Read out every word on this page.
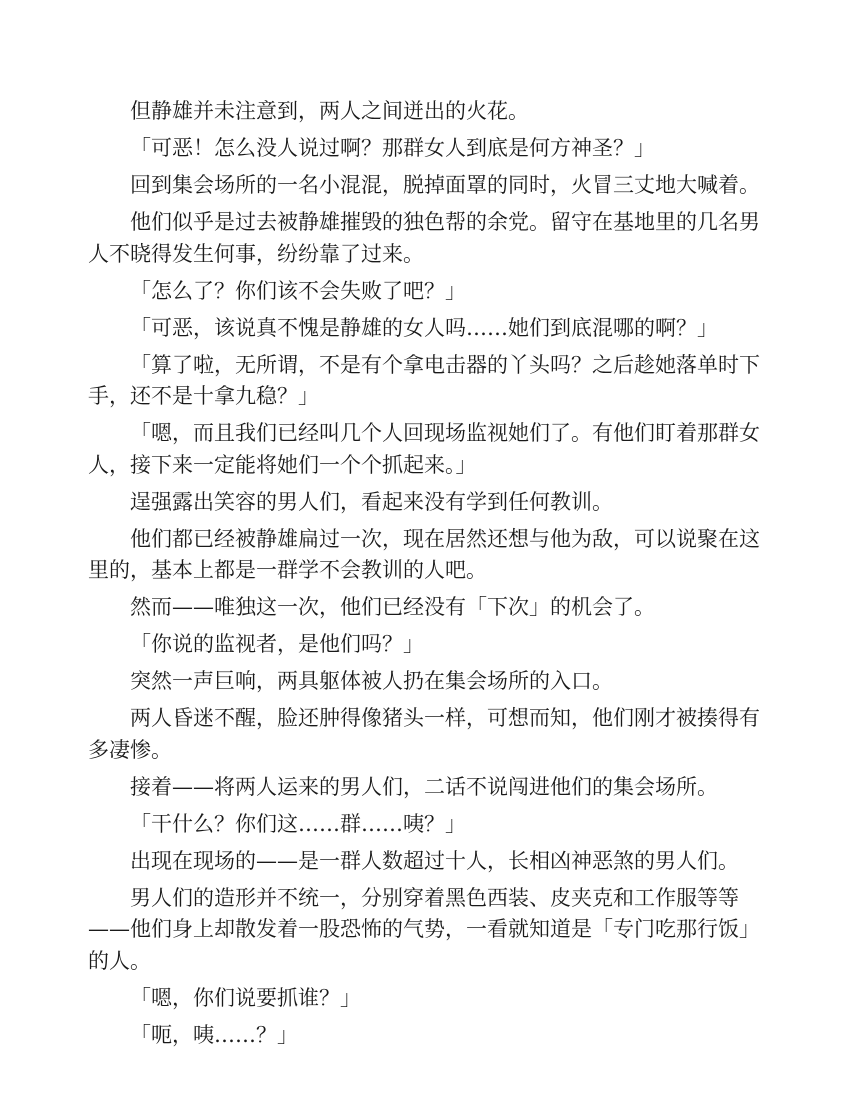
但静雄并未注意到，两人之间迸出的火花。

「可恶！怎么没人说过啊？那群女人到底是何方神圣？」

回到集会场所的一名小混混，脱掉面罩的同时，火冒三丈地大喊着。

他们似乎是过去被静雄摧毁的独色帮的余党。留守在基地里的几名男人不晓得发生何事，纷纷靠了过来。

「怎么了？你们该不会失败了吧？」

「可恶，该说真不愧是静雄的女人吗……她们到底混哪的啊？」

「算了啦，无所谓，不是有个拿电击器的丫头吗？之后趁她落单时下手，还不是十拿九稳？」

「嗯，而且我们已经叫几个人回现场监视她们了。有他们盯着那群女人，接下来一定能将她们一个个抓起来。」

逞强露出笑容的男人们，看起来没有学到任何教训。

他们都已经被静雄扁过一次，现在居然还想与他为敌，可以说聚在这里的，基本上都是一群学不会教训的人吧。

然而——唯独这一次，他们已经没有「下次」的机会了。

「你说的监视者，是他们吗？」

突然一声巨响，两具躯体被人扔在集会场所的入口。

两人昏迷不醒，脸还肿得像猪头一样，可想而知，他们刚才被揍得有多凄惨。

接着——将两人运来的男人们，二话不说闯进他们的集会场所。

「干什么？你们这……群……咦？」

出现在现场的——是一群人数超过十人，长相凶神恶煞的男人们。

男人们的造形并不统一，分别穿着黑色西装、皮夹克和工作服等等——他们身上却散发着一股恐怖的气势，一看就知道是「专门吃那行饭」的人。

「嗯，你们说要抓谁？」

「呃，咦……？」
